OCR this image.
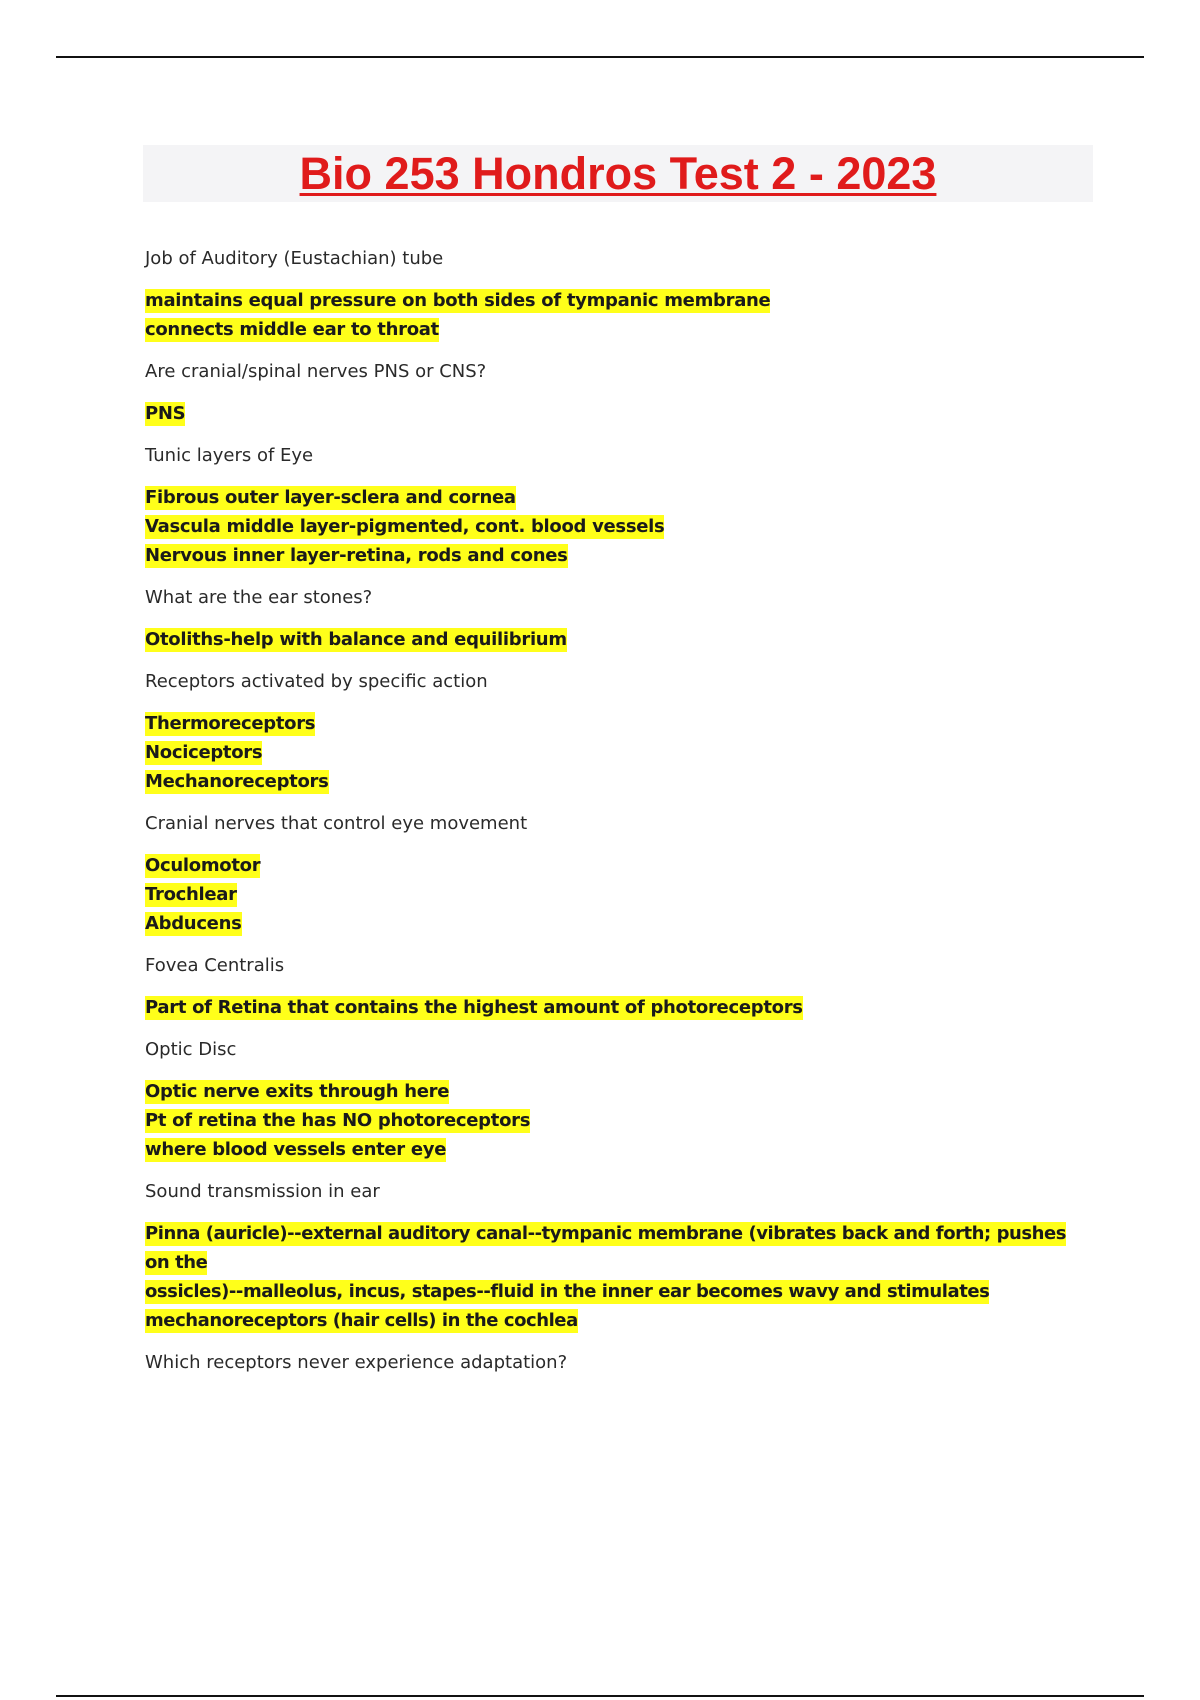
Bio 253 Hondros Test 2 - 2023
Job of Auditory (Eustachian) tube
maintains equal pressure on both sides of tympanic membrane
connects middle ear to throat
Are cranial/spinal nerves PNS or CNS?
PNS
Tunic layers of Eye
Fibrous outer layer-sclera and cornea
Vascula middle layer-pigmented, cont. blood vessels
Nervous inner layer-retina, rods and cones
What are the ear stones?
Otoliths-help with balance and equilibrium
Receptors activated by specific action
Thermoreceptors
Nociceptors
Mechanoreceptors
Cranial nerves that control eye movement
Oculomotor
Trochlear
Abducens
Fovea Centralis
Part of Retina that contains the highest amount of photoreceptors
Optic Disc
Optic nerve exits through here
Pt of retina the has NO photoreceptors
where blood vessels enter eye
Sound transmission in ear
Pinna (auricle)--external auditory canal--tympanic membrane (vibrates back and forth; pushes on the
ossicles)--malleolus, incus, stapes--fluid in the inner ear becomes wavy and stimulates
mechanoreceptors (hair cells) in the cochlea
Which receptors never experience adaptation?
